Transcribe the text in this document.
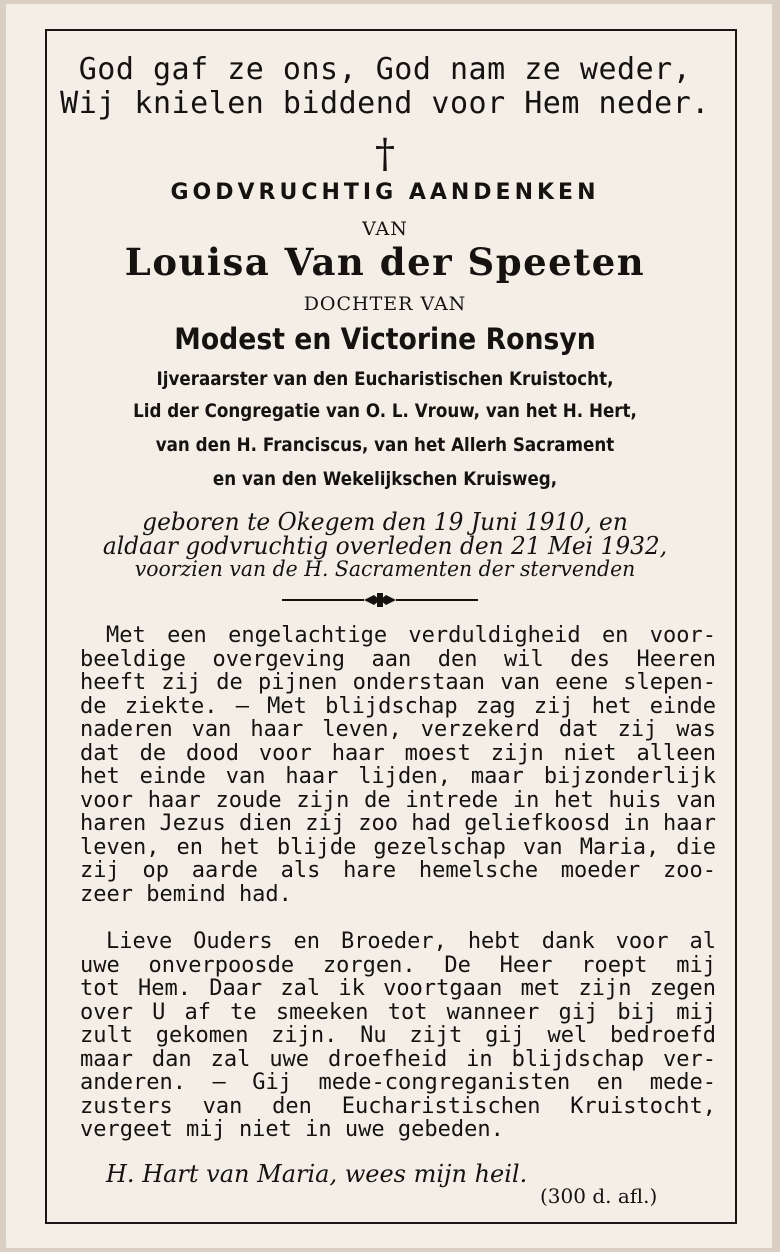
God gaf ze ons, God nam ze weder,

Wij knielen biddend voor Hem neder.

†

GODVRUCHTIG AANDENKEN

VAN

Louisa Van der Speeten

DOCHTER VAN

Modest en Victorine Ronsyn

Ijveraarster van den Eucharistischen Kruistocht,

Lid der Congregatie van O. L. Vrouw, van het H. Hert,

van den H. Franciscus, van het Allerh Sacrament

en van den Wekelijkschen Kruisweg,

geboren te Okegem den 19 Juni 1910, en

aldaar godvruchtig overleden den 21 Mei 1932,

voorzien van de H. Sacramenten der stervenden

Met een engelachtige verduldigheid en voor-

beeldige overgeving aan den wil des Heeren

heeft zij de pijnen onderstaan van eene slepen-

de ziekte. — Met blijdschap zag zij het einde

naderen van haar leven, verzekerd dat zij was

dat de dood voor haar moest zijn niet alleen

het einde van haar lijden, maar bijzonderlijk

voor haar zoude zijn de intrede in het huis van

haren Jezus dien zij zoo had geliefkoosd in haar

leven, en het blijde gezelschap van Maria, die

zij op aarde als hare hemelsche moeder zoo-

zeer bemind had.

Lieve Ouders en Broeder, hebt dank voor al

uwe onverpoosde zorgen. De Heer roept mij

tot Hem. Daar zal ik voortgaan met zijn zegen

over U af te smeeken tot wanneer gij bij mij

zult gekomen zijn. Nu zijt gij wel bedroefd

maar dan zal uwe droefheid in blijdschap ver-

anderen. — Gij mede-congreganisten en mede-

zusters van den Eucharistischen Kruistocht,

vergeet mij niet in uwe gebeden.

H. Hart van Maria, wees mijn heil.

(300 d. afl.)
